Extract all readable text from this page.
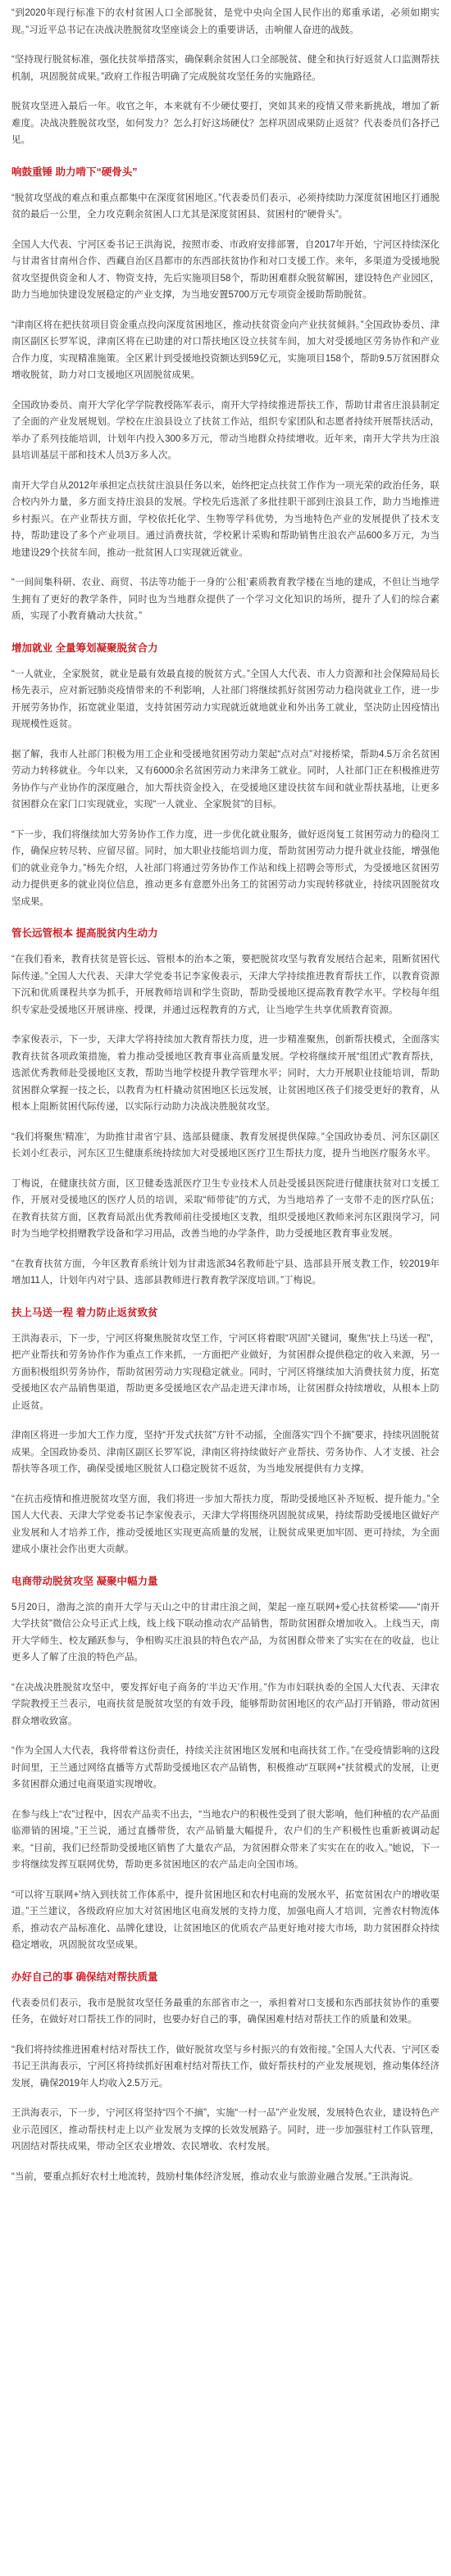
“到2020年现行标准下的农村贫困人口全部脱贫，是党中央向全国人民作出的郑重承诺，必须如期实现。”习近平总书记在决战决胜脱贫攻坚座谈会上的重要讲话，击响催人奋进的战鼓。

“坚持现行脱贫标准，强化扶贫举措落实，确保剩余贫困人口全部脱贫、健全和执行好返贫人口监测帮扶机制，巩固脱贫成果。”政府工作报告明确了完成脱贫攻坚任务的实施路径。

脱贫攻坚进入最后一年。收官之年，本来就有不少硬仗要打，突如其来的疫情又带来新挑战，增加了新难度。决战决胜脱贫攻坚，如何发力？怎么打好这场硬仗？怎样巩固成果防止返贫？代表委员们各抒己见。

响鼓重锤 助力啃下“硬骨头”

“脱贫攻坚战的难点和重点都集中在深度贫困地区。”代表委员们表示，必须持续助力深度贫困地区打通脱贫的最后一公里，全力攻克剩余贫困人口尤其是深度贫困县、贫困村的“硬骨头”。

全国人大代表、宁河区委书记王洪海说，按照市委、市政府安排部署，自2017年开始，宁河区持续深化与甘肃省甘南州合作、西藏自治区昌都市的东西部扶贫协作和对口支援工作。来年，多渠道为受援地脱贫攻坚提供资金和人才、物资支持，先后实施项目58个，帮助困难群众脱贫解困，建设特色产业园区，助力当地加快建设发展稳定的产业支撑，为当地安置5700万元专项资金援助帮助脱贫。

“津南区将在把扶贫项目资金重点投向深度贫困地区，推动扶贫资金向产业扶贫倾斜。”全国政协委员、津南区副区长罗军说，津南区将在已助建的对口帮扶地区设立扶贫车间，加大对受援地区劳务协作和产业合作力度，实现精准施策。全区累计到受援地投资额达到59亿元，实施项目158个，帮助9.5万贫困群众增收脱贫，助力对口支援地区巩固脱贫成果。

全国政协委员、南开大学化学学院教授陈军表示，南开大学持续推进帮扶工作，帮助甘肃省庄浪县制定了全面的产业发展规划。学校在庄浪县设立了扶贫工作站，组织专家团队和志愿者持续开展帮扶活动，举办了系列技能培训，计划年内投入300多万元，带动当地群众持续增收。近年来，南开大学共为庄浪县培训基层干部和技术人员3万多人次。

南开大学自从2012年承担定点扶贫庄浪县任务以来，始终把定点扶贫工作作为一项光荣的政治任务，联合校内外力量，多方面支持庄浪县的发展。学校先后选派了多批挂职干部到庄浪县工作，助力当地推进乡村振兴。在产业帮扶方面，学校依托化学、生物等学科优势，为当地特色产业的发展提供了技术支持，帮助建设了多个产业项目。通过消费扶贫，学校累计采购和帮助销售庄浪农产品600多万元，为当地建设29个扶贫车间，推动一批贫困人口实现就近就业。

“一间间集科研、农业、商贸、书法等功能于一身的‘公租’素质教育教学楼在当地的建成，不但让当地学生拥有了更好的教学条件，同时也为当地群众提供了一个学习文化知识的场所，提升了人们的综合素质，实现了小教育撬动大扶贫。”

增加就业 全量筹划凝聚脱贫合力

“一人就业，全家脱贫，就业是最有效最直接的脱贫方式。”全国人大代表、市人力资源和社会保障局局长杨先表示，应对新冠肺炎疫情带来的不利影响，人社部门将继续抓好贫困劳动力稳岗就业工作，进一步开展劳务协作，拓宽就业渠道，支持贫困劳动力实现就近就地就业和外出务工就业，坚决防止因疫情出现规模性返贫。

据了解，我市人社部门积极为用工企业和受援地贫困劳动力架起“点对点”对接桥梁，帮助4.5万余名贫困劳动力转移就业。今年以来，又有6000余名贫困劳动力来津务工就业。同时，人社部门正在积极推进劳务协作与产业协作的深度融合，加大帮扶资金投入，在受援地区建设扶贫车间和就业帮扶基地，让更多贫困群众在家门口实现就业，实现“一人就业、全家脱贫”的目标。

“下一步，我们将继续加大劳务协作工作力度，进一步优化就业服务，做好返岗复工贫困劳动力的稳岗工作，确保应转尽转、应留尽留。同时，加大职业技能培训力度，帮助贫困劳动力提升就业技能，增强他们的就业竞争力。”杨先介绍，人社部门将通过劳务协作工作站和线上招聘会等形式，为受援地区贫困劳动力提供更多的就业岗位信息，推动更多有意愿外出务工的贫困劳动力实现转移就业，持续巩固脱贫攻坚成果。

管长远管根本 提高脱贫内生动力

“在我们看来，教育扶贫是管长远、管根本的治本之策，要把脱贫攻坚与教育发展结合起来，阻断贫困代际传递。”全国人大代表、天津大学党委书记李家俊表示，天津大学持续推进教育帮扶工作，以教育资源下沉和优质课程共享为抓手，开展教师培训和学生资助，帮助受援地区提高教育教学水平。学校每年组织专家赴受援地区开展讲座、授课，并通过远程教育的方式，让当地学生共享优质教育资源。

李家俊表示，下一步，天津大学将持续加大教育帮扶力度，进一步精准聚焦，创新帮扶模式，全面落实教育扶贫各项政策措施，着力推动受援地区教育事业高质量发展。学校将继续开展“组团式”教育帮扶，选派优秀教师赴受援地区支教，帮助当地学校提升教学管理水平；同时，大力开展职业技能培训，帮助贫困群众掌握一技之长，以教育为杠杆撬动贫困地区长远发展，让贫困地区孩子们接受更好的教育，从根本上阻断贫困代际传递，以实际行动助力决战决胜脱贫攻坚。

“我们将聚焦‘精准’，为助推甘肃省宁县、选部县健康、教育发展提供保障。”全国政协委员、河东区副区长刘小红表示，河东区卫生健康系统持续加大对受援地区医疗卫生帮扶力度，提升当地医疗服务水平。

丁梅说，在健康扶贫方面，区卫健委选派医疗卫生专业技术人员赴受援县医院进行健康扶贫对口支援工作，开展对受援地区的医疗人员的培训，采取“师带徒”的方式，为当地培养了一支带不走的医疗队伍；在教育扶贫方面，区教育局派出优秀教师前往受援地区支教，组织受援地区教师来河东区跟岗学习，同时为当地学校捐赠教学设备和学习用品，改善当地的办学条件，助力受援地区教育事业发展。

“在教育扶贫方面，今年区教育系统计划为甘肃选派34名教师赴宁县、选部县开展支教工作，较2019年增加11人，计划年内对宁县、选部县教师进行教育教学深度培训。”丁梅说。

扶上马送一程 着力防止返贫致贫

王洪海表示，下一步，宁河区将聚焦脱贫攻坚工作，宁河区将着眼“巩固”关键词，聚焦“扶上马送一程”，把产业帮扶和劳务协作作为重点工作来抓，一方面把产业做好，为贫困群众提供稳定的收入来源，另一方面积极组织劳务协作，帮助贫困劳动力实现稳定就业。同时，宁河区将继续加大消费扶贫力度，拓宽受援地区农产品销售渠道，帮助更多受援地区农产品走进天津市场，让贫困群众持续增收，从根本上防止返贫。

津南区将进一步加大工作力度，坚持“开发式扶贫”方针不动摇，全面落实“四个不摘”要求，持续巩固脱贫成果。全国政协委员、津南区副区长罗军说，津南区将持续做好产业帮扶、劳务协作、人才支援、社会帮扶等各项工作，确保受援地区脱贫人口稳定脱贫不返贫，为当地发展提供有力支撑。

“在抗击疫情和推进脱贫攻坚方面，我们将进一步加大帮扶力度，帮助受援地区补齐短板、提升能力。”全国人大代表、天津大学党委书记李家俊表示，天津大学将围绕巩固脱贫成果，持续帮助受援地区做好产业发展和人才培养工作，推动受援地区实现更高质量的发展，让脱贫成果更加牢固、更可持续，为全面建成小康社会作出更大贡献。

电商带动脱贫攻坚 凝聚中幅力量

5月20日，渤海之滨的南开大学与天山之中的甘肃庄浪之间，架起一座互联网+爱心扶贫桥梁——“南开大学扶贫”微信公众号正式上线，线上线下联动推动农产品销售，帮助贫困群众增加收入。上线当天，南开大学师生、校友踊跃参与，争相购买庄浪县的特色农产品，为贫困群众带来了实实在在的收益，也让更多人了解了庄浪的特色产品。

“在决战决胜脱贫攻坚中，要发挥好电子商务的‘半边天’作用。”作为市妇联执委的全国人大代表、天津农学院教授王兰表示，电商扶贫是脱贫攻坚的有效手段，能够帮助贫困地区的农产品打开销路，带动贫困群众增收致富。

“作为全国人大代表，我将带着这份责任，持续关注贫困地区发展和电商扶贫工作。”在受疫情影响的这段时间里，王兰通过网络直播等方式帮助受援地区农产品销售，积极推动“互联网+”扶贫模式的发展，让更多贫困群众通过电商渠道实现增收。

在参与线上“农”过程中，因农产品卖不出去，“当地农户的积极性受到了很大影响，他们种植的农产品面临滞销的困境。”王兰说，通过直播带货，农产品销量大幅提升，农户们的生产积极性也重新被调动起来。“目前，我们已经帮助受援地区销售了大量农产品，为贫困群众带来了实实在在的收入。”她说，下一步将继续发挥互联网优势，帮助更多贫困地区的农产品走向全国市场。

“可以将‘互联网+’纳入到扶贫工作体系中，提升贫困地区和农村电商的发展水平，拓宽贫困农户的增收渠道。”王兰建议，各级政府应加大对贫困地区电商发展的支持力度，加强电商人才培训，完善农村物流体系，推动农产品标准化、品牌化建设，让贫困地区的优质农产品更好地对接大市场，助力贫困群众持续稳定增收，巩固脱贫攻坚成果。

办好自己的事 确保结对帮扶质量

代表委员们表示，我市是脱贫攻坚任务最重的东部省市之一，承担着对口支援和东西部扶贫协作的重要任务，在做好对口帮扶工作的同时，也要办好自己的事，确保困难村结对帮扶工作的质量和效果。

“我们将持续推进困难村结对帮扶工作，做好脱贫攻坚与乡村振兴的有效衔接。”全国人大代表、宁河区委书记王洪海表示，宁河区将持续抓好困难村结对帮扶工作，做好帮扶村的产业发展规划，推动集体经济发展，确保2019年人均收入2.5万元。

王洪海表示，下一步，宁河区将坚持“四个不摘”，实施“一村一品”产业发展，发展特色农业，建设特色产业示范园区，推动帮扶村走上以产业发展为支撑的长效发展路子。同时，进一步加强驻村工作队管理，巩固结对帮扶成果，带动全区农业增效、农民增收、农村发展。

“当前，要重点抓好农村土地流转，鼓励村集体经济发展，推动农业与旅游业融合发展。”王洪海说。
